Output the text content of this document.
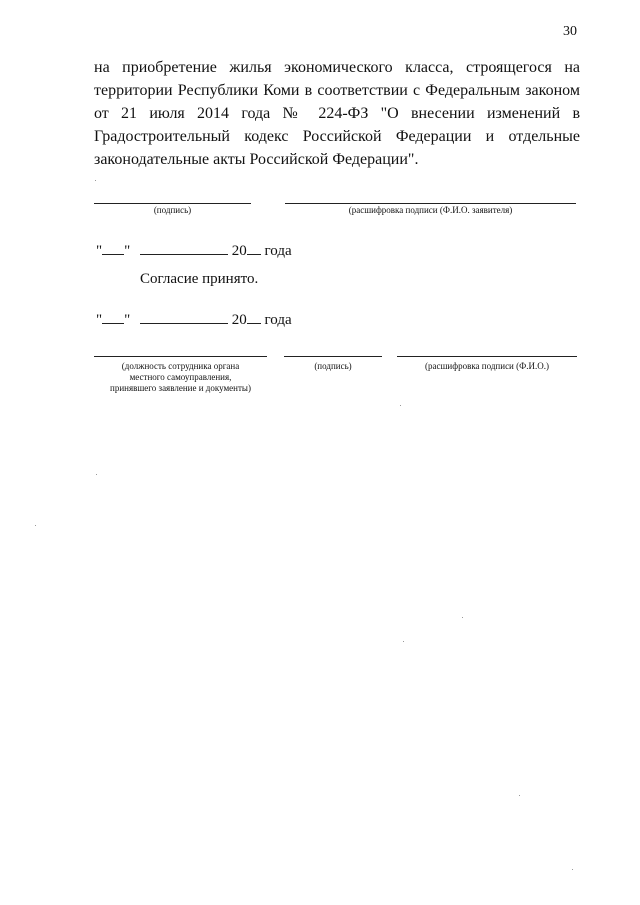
30
на приобретение жилья экономического класса, строящегося на
территории Республики Коми в соответствии с Федеральным законом
от 21 июля 2014 года № 224-ФЗ "О внесении изменений в
Градостроительный кодекс Российской Федерации и отдельные
законодательные акты Российской Федерации".
(подпись)	(расшифровка подписи (Ф.И.О. заявителя)
" "	20 года
Согласие принято.
" "	20 года
(должность сотрудника органа
местного самоуправления,
принявшего заявление и документы)
(подпись)	(расшифровка подписи (Ф.И.О.)
